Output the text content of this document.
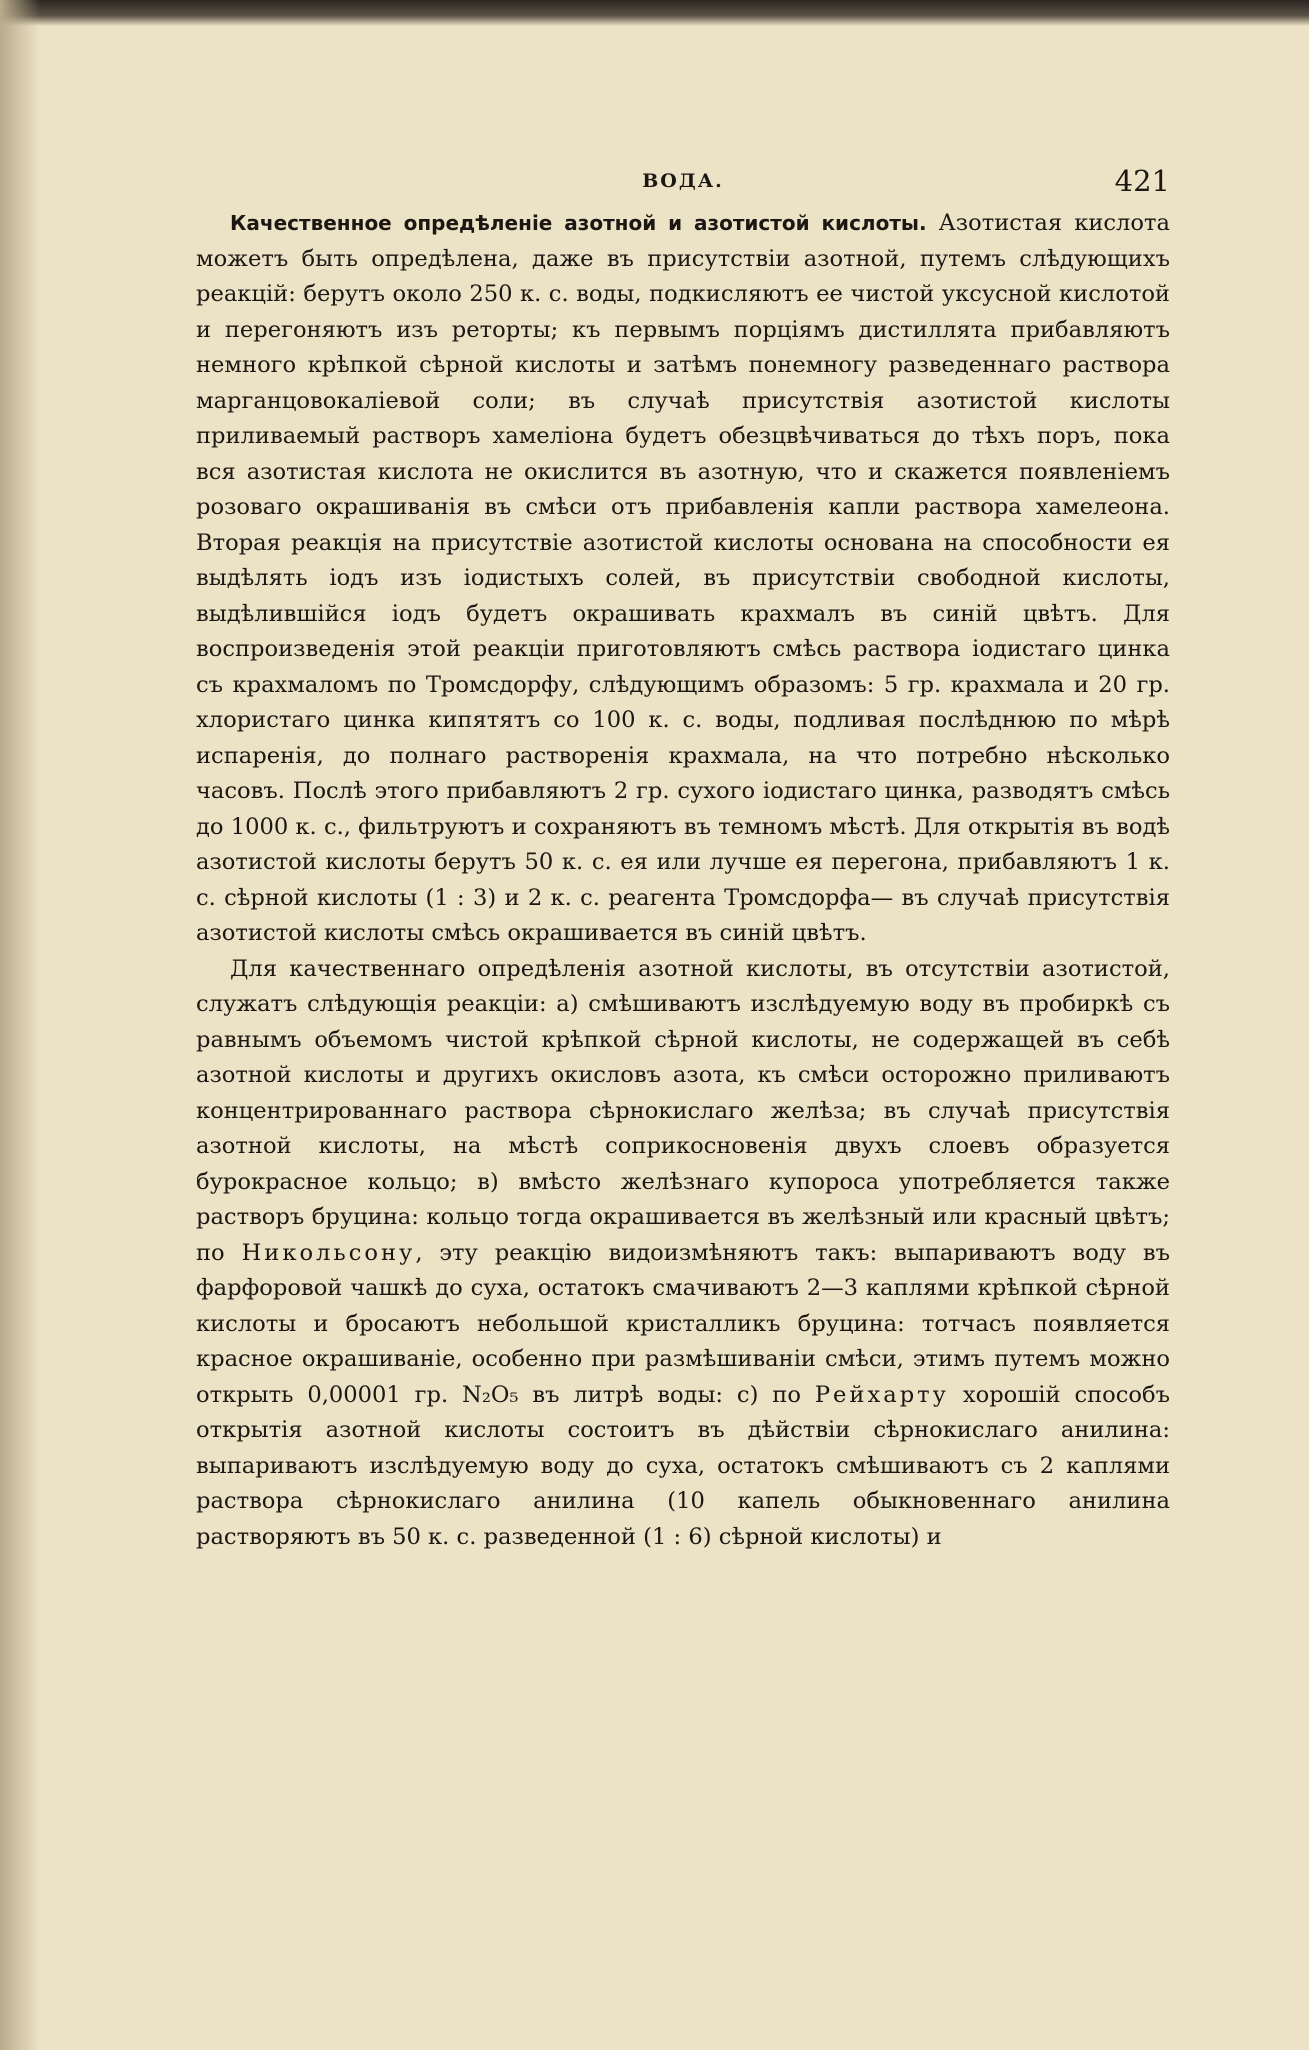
ВОДА.	421

Качественное опредѣленіе азотной и азотистой кислоты. Азотистая кислота можетъ быть опредѣлена, даже въ присутствіи азотной, путемъ слѣдующихъ реакцій: берутъ около 250 к. с. воды, подкисляютъ ее чистой уксусной кислотой и перегоняютъ изъ реторты; къ первымъ порціямъ дистиллята прибавляютъ немного крѣпкой сѣрной кислоты и затѣмъ понемногу разведеннаго раствора марганцовокаліевой соли; въ случаѣ присутствія азотистой кислоты приливаемый растворъ хамеліона будетъ обезцвѣчиваться до тѣхъ поръ, пока вся азотистая кислота не окислится въ азотную, что и скажется появленіемъ розоваго окрашиванія въ смѣси отъ прибавленія капли раствора хамелеона. Вторая реакція на присутствіе азотистой кислоты основана на способности ея выдѣлять іодъ изъ іодистыхъ солей, въ присутствіи свободной кислоты, выдѣлившійся іодъ будетъ окрашивать крахмалъ въ синій цвѣтъ. Для воспроизведенія этой реакціи приготовляютъ смѣсь раствора іодистаго цинка съ крахмаломъ по Тромсдорфу, слѣдующимъ образомъ: 5 гр. крахмала и 20 гр. хлористаго цинка кипятятъ со 100 к. с. воды, подливая послѣднюю по мѣрѣ испаренія, до полнаго растворенія крахмала, на что потребно нѣсколько часовъ. Послѣ этого прибавляютъ 2 гр. сухого іодистаго цинка, разводятъ смѣсь до 1000 к. с., фильтруютъ и сохраняютъ въ темномъ мѣстѣ. Для открытія въ водѣ азотистой кислоты берутъ 50 к. с. ея или лучше ея перегона, прибавляютъ 1 к. с. сѣрной кислоты (1 : 3) и 2 к. с. реагента Тромсдорфа— въ случаѣ присутствія азотистой кислоты смѣсь окрашивается въ синій цвѣтъ.

Для качественнаго опредѣленія азотной кислоты, въ отсутствіи азотистой, служатъ слѣдующія реакціи: a) смѣшиваютъ изслѣдуемую воду въ пробиркѣ съ равнымъ объемомъ чистой крѣпкой сѣрной кислоты, не содержащей въ себѣ азотной кислоты и другихъ окисловъ азота, къ смѣси осторожно приливаютъ концентрированнаго раствора сѣрнокислаго желѣза; въ случаѣ присутствія азотной кислоты, на мѣстѣ соприкосновенія двухъ слоевъ образуется бурокрасное кольцо; в) вмѣсто желѣзнаго купороса употребляется также растворъ бруцина: кольцо тогда окрашивается въ желѣзный или красный цвѣтъ; по Никольсону, эту реакцію видоизмѣняютъ такъ: выпариваютъ воду въ фарфоровой чашкѣ до суха, остатокъ смачиваютъ 2—3 каплями крѣпкой сѣрной кислоты и бросаютъ небольшой кристалликъ бруцина: тотчасъ появляется красное окрашиваніе, особенно при размѣшиваніи смѣси, этимъ путемъ можно открыть 0,00001 гр. N₂O₅ въ литрѣ воды: c) по Рейхарту хорошій способъ открытія азотной кислоты состоитъ въ дѣйствіи сѣрнокислаго анилина: выпариваютъ изслѣдуемую воду до суха, остатокъ смѣшиваютъ съ 2 каплями раствора сѣрнокислаго анилина (10 капель обыкновеннаго анилина растворяютъ въ 50 к. с. разведенной (1 : 6) сѣрной кислоты) и
